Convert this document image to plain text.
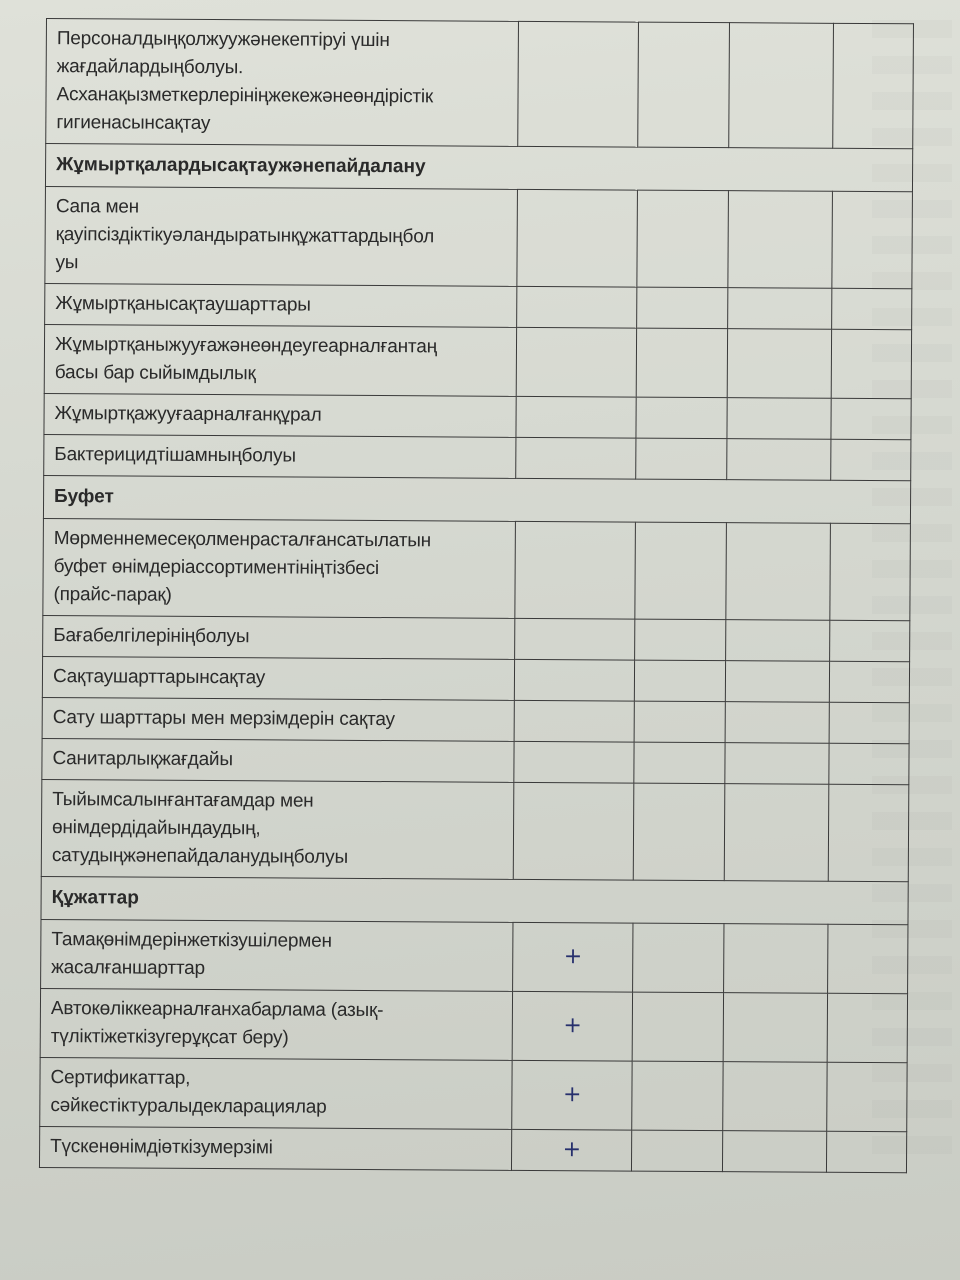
Персоналдыңқолжуужәнекептіруі үшін
жағдайлардыңболуы.
Асханақызметкерлерініңжекежәнеөндірістік
гигиенасынсақтау				

Жұмыртқалардысақтаужәнепайдалану				

Сапа мен
қауіпсіздіктікуәландыратынқұжаттардыңбол
уы				

Жұмыртқанысақтаушарттары				

Жұмыртқаныжууғажәнеөндеугеарналғантаң
басы бар сыйымдылық				

Жұмыртқажууғаарналғанқұрал				

Бактерицидтішамныңболуы				

Буфет				

Мөрменнемесеқолменрасталғансатылатын
буфет өнімдеріассортиментініңтізбесі
(прайс-парақ)				

Бағабелгілерініңболуы				

Сақтаушарттарынсақтау				

Сату шарттары мен мерзімдерін сақтау				

Санитарлықжағдайы				

Тыйымсалынғантағамдар мен
өнімдердідайындаудың,
сатудыңжәнепайдаланудыңболуы				

Құжаттар				

Тамақөнімдерінжеткізушілермен
жасалғаншарттар	+			

Автокөліккеарналғанхабарлама (азық-
түліктіжеткізугерұқсат беру)	+			

Сертификаттар,
сәйкестіктуралыдекларациялар	+			

Түскенөнімдіөткізумерзімі	+			
